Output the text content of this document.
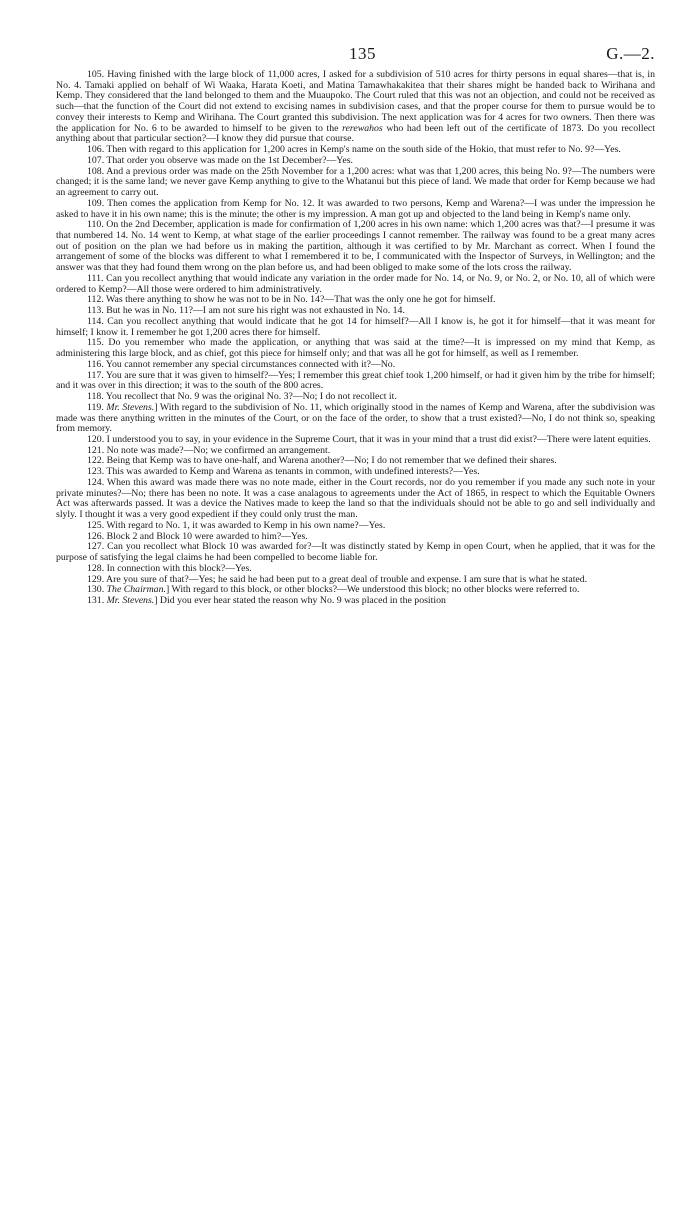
135	G.—2.

105. Having finished with the large block of 11,000 acres, I asked for a subdivision of 510 acres for thirty persons in equal shares—that is, in No. 4. Tamaki applied on behalf of Wi Waaka, Harata Koeti, and Matina Tamawhakakitea that their shares might be handed back to Wirihana and Kemp. They considered that the land belonged to them and the Muaupoko. The Court ruled that this was not an objection, and could not be received as such—that the function of the Court did not extend to excising names in subdivision cases, and that the proper course for them to pursue would be to convey their interests to Kemp and Wirihana. The Court granted this subdivision. The next application was for 4 acres for two owners. Then there was the application for No. 6 to be awarded to himself to be given to the rerewahos who had been left out of the certificate of 1873. Do you recollect anything about that particular section?—I know they did pursue that course.

106. Then with regard to this application for 1,200 acres in Kemp's name on the south side of the Hokio, that must refer to No. 9?—Yes.

107. That order you observe was made on the 1st December?—Yes.

108. And a previous order was made on the 25th November for a 1,200 acres: what was that 1,200 acres, this being No. 9?—The numbers were changed; it is the same land; we never gave Kemp anything to give to the Whatanui but this piece of land. We made that order for Kemp because we had an agreement to carry out.

109. Then comes the application from Kemp for No. 12. It was awarded to two persons, Kemp and Warena?—I was under the impression he asked to have it in his own name; this is the minute; the other is my impression. A man got up and objected to the land being in Kemp's name only.

110. On the 2nd December, application is made for confirmation of 1,200 acres in his own name: which 1,200 acres was that?—I presume it was that numbered 14. No. 14 went to Kemp, at what stage of the earlier proceedings I cannot remember. The railway was found to be a great many acres out of position on the plan we had before us in making the partition, although it was certified to by Mr. Marchant as correct. When I found the arrangement of some of the blocks was different to what I remembered it to be, I communicated with the Inspector of Surveys, in Wellington; and the answer was that they had found them wrong on the plan before us, and had been obliged to make some of the lots cross the railway.

111. Can you recollect anything that would indicate any variation in the order made for No. 14, or No. 9, or No. 2, or No. 10, all of which were ordered to Kemp?—All those were ordered to him administratively.

112. Was there anything to show he was not to be in No. 14?—That was the only one he got for himself.

113. But he was in No. 11?—I am not sure his right was not exhausted in No. 14.

114. Can you recollect anything that would indicate that he got 14 for himself?—All I know is, he got it for himself—that it was meant for himself; I know it. I remember he got 1,200 acres there for himself.

115. Do you remember who made the application, or anything that was said at the time?—It is impressed on my mind that Kemp, as administering this large block, and as chief, got this piece for himself only; and that was all he got for himself, as well as I remember.

116. You cannot remember any special circumstances connected with it?—No.

117. You are sure that it was given to himself?—Yes; I remember this great chief took 1,200 himself, or had it given him by the tribe for himself; and it was over in this direction; it was to the south of the 800 acres.

118. You recollect that No. 9 was the original No. 3?—No; I do not recollect it.

119. Mr. Stevens.] With regard to the subdivision of No. 11, which originally stood in the names of Kemp and Warena, after the subdivision was made was there anything written in the minutes of the Court, or on the face of the order, to show that a trust existed?—No, I do not think so, speaking from memory.

120. I understood you to say, in your evidence in the Supreme Court, that it was in your mind that a trust did exist?—There were latent equities.

121. No note was made?—No; we confirmed an arrangement.

122. Being that Kemp was to have one-half, and Warena another?—No; I do not remember that we defined their shares.

123. This was awarded to Kemp and Warena as tenants in common, with undefined interests?—Yes.

124. When this award was made there was no note made, either in the Court records, nor do you remember if you made any such note in your private minutes?—No; there has been no note. It was a case analagous to agreements under the Act of 1865, in respect to which the Equitable Owners Act was afterwards passed. It was a device the Natives made to keep the land so that the individuals should not be able to go and sell individually and slyly. I thought it was a very good expedient if they could only trust the man.

125. With regard to No. 1, it was awarded to Kemp in his own name?—Yes.

126. Block 2 and Block 10 were awarded to him?—Yes.

127. Can you recollect what Block 10 was awarded for?—It was distinctly stated by Kemp in open Court, when he applied, that it was for the purpose of satisfying the legal claims he had been compelled to become liable for.

128. In connection with this block?—Yes.

129. Are you sure of that?—Yes; he said he had been put to a great deal of trouble and expense. I am sure that is what he stated.

130. The Chairman.] With regard to this block, or other blocks?—We understood this block; no other blocks were referred to.

131. Mr. Stevens.] Did you ever hear stated the reason why No. 9 was placed in the position
